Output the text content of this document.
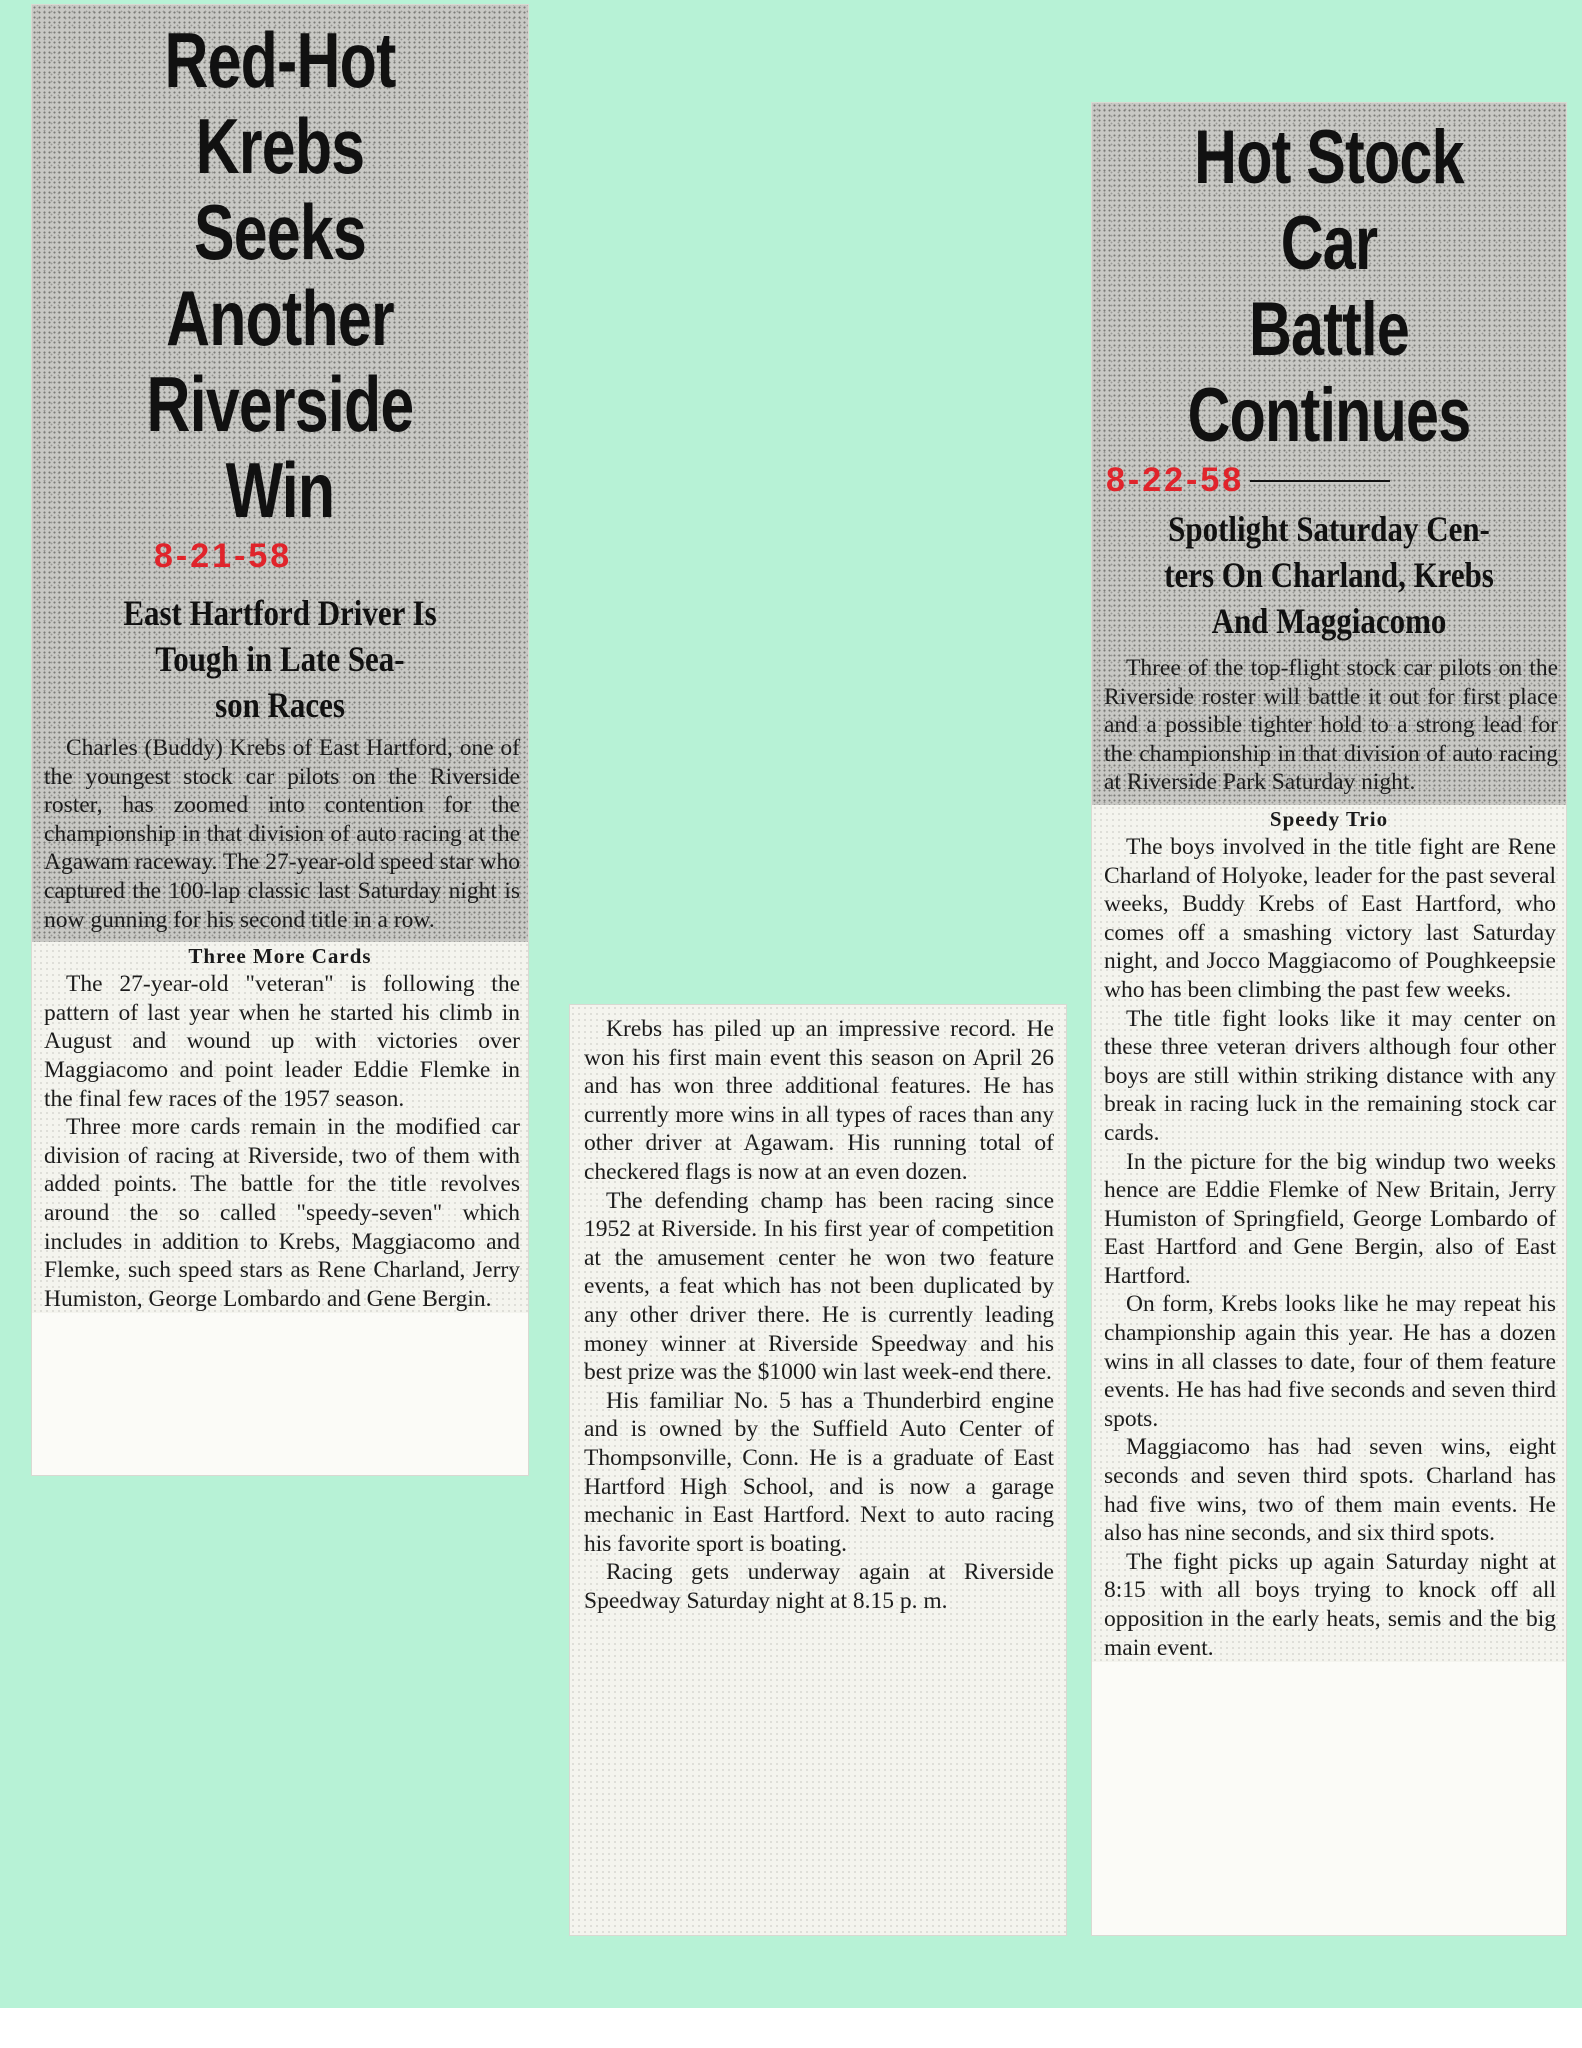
Red-Hot Krebs
Seeks Another
Riverside Win
8-21-58
East Hartford Driver Is
Tough in Late Sea-
son Races

Charles (Buddy) Krebs of East Hartford, one of the youngest stock car pilots on the Riverside roster, has zoomed into contention for the championship in that division of auto racing at the Agawam raceway. The 27-year-old speed star who captured the 100-lap classic last Saturday night is now gunning for his second title in a row.

Three More Cards

The 27-year-old "veteran" is following the pattern of last year when he started his climb in August and wound up with victories over Maggiacomo and point leader Eddie Flemke in the final few races of the 1957 season.

Three more cards remain in the modified car division of racing at Riverside, two of them with added points. The battle for the title revolves around the so called "speedy-seven" which includes in addition to Krebs, Maggiacomo and Flemke, such speed stars as Rene Charland, Jerry Humiston, George Lombardo and Gene Bergin.

Krebs has piled up an impressive record. He won his first main event this season on April 26 and has won three additional features. He has currently more wins in all types of races than any other driver at Agawam. His running total of checkered flags is now at an even dozen.

The defending champ has been racing since 1952 at Riverside. In his first year of competition at the amusement center he won two feature events, a feat which has not been duplicated by any other driver there. He is currently leading money winner at Riverside Speedway and his best prize was the $1000 win last week-end there.

His familiar No. 5 has a Thunderbird engine and is owned by the Suffield Auto Center of Thompsonville, Conn. He is a graduate of East Hartford High School, and is now a garage mechanic in East Hartford. Next to auto racing his favorite sport is boating.

Racing gets underway again at Riverside Speedway Saturday night at 8.15 p. m.

Hot Stock Car
Battle Continues
8-22-58
Spotlight Saturday Cen-
ters On Charland, Krebs
And Maggiacomo

Three of the top-flight stock car pilots on the Riverside roster will battle it out for first place and a possible tighter hold to a strong lead for the championship in that division of auto racing at Riverside Park Saturday night.

Speedy Trio

The boys involved in the title fight are Rene Charland of Holyoke, leader for the past several weeks, Buddy Krebs of East Hartford, who comes off a smashing victory last Saturday night, and Jocco Maggiacomo of Poughkeepsie who has been climbing the past few weeks.

The title fight looks like it may center on these three veteran drivers although four other boys are still within striking distance with any break in racing luck in the remaining stock car cards.

In the picture for the big windup two weeks hence are Eddie Flemke of New Britain, Jerry Humiston of Springfield, George Lombardo of East Hartford and Gene Bergin, also of East Hartford.

On form, Krebs looks like he may repeat his championship again this year. He has a dozen wins in all classes to date, four of them feature events. He has had five seconds and seven third spots.

Maggiacomo has had seven wins, eight seconds and seven third spots. Charland has had five wins, two of them main events. He also has nine seconds, and six third spots.

The fight picks up again Saturday night at 8:15 with all boys trying to knock off all opposition in the early heats, semis and the big main event.
